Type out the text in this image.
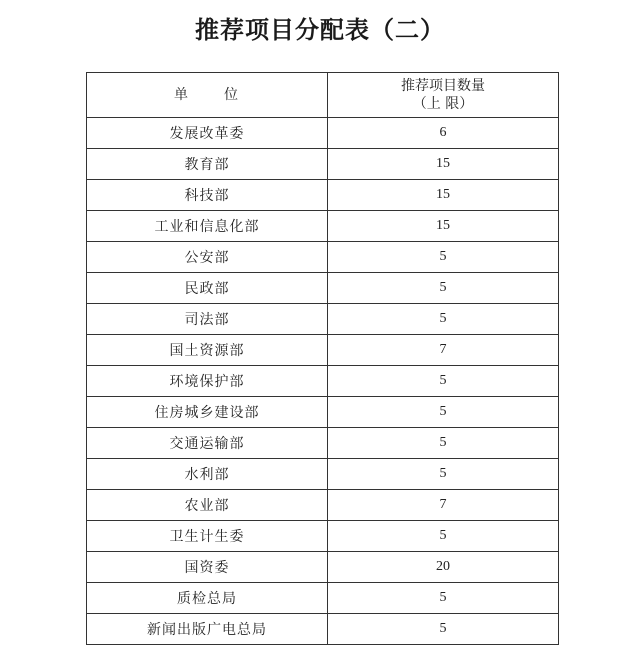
推荐项目分配表（二）
单 位	推荐项目数量
（上 限）

发展改革委	6
教育部	15
科技部	15
工业和信息化部	15
公安部	5
民政部	5
司法部	5
国土资源部	7
环境保护部	5
住房城乡建设部	5
交通运输部	5
水利部	5
农业部	7
卫生计生委	5
国资委	20
质检总局	5
新闻出版广电总局	5
